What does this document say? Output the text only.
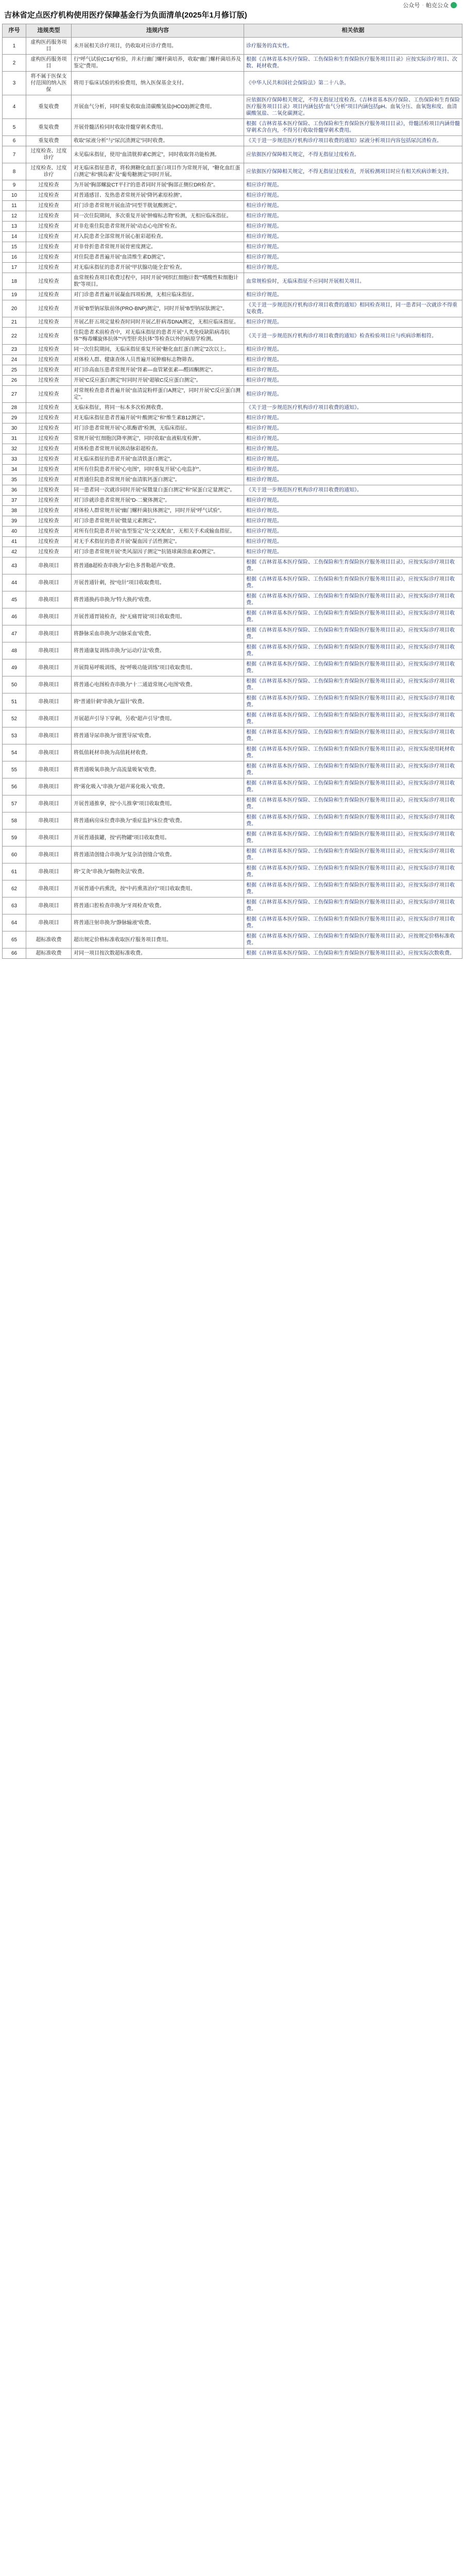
公众号 · 帕克公众
吉林省定点医疗机构使用医疗保障基金行为负面清单(2025年1月修订版)
序号	违规类型	违规内容	相关依据
1	虚构医药服务项目	未开展相关诊疗项目，仍收取对应诊疗费用。	诊疗服务的真实性。
2	虚构医药服务项目	行“呼气试验(C14)”检验，并未行幽门螺杆菌培养，收取“幽门螺杆菌培养及鉴定”费用。	根据《吉林省基本医疗保险、工伤保险和生育保险医疗服务项目目录》应按实际诊疗项目、次数、耗材收费。
3	将不属于医保支付范围的纳入医保	将用于临床试验的检验费用，纳入医保基金支付。	《中华人民共和国社会保险法》第二十八条。
4	重复收费	开展血气分析，同时重复收取血清碳酸氢盐(HCO3)测定费用。	应依据医疗保障相关规定，不得无指征过度检查。《吉林省基本医疗保险、工伤保险和生育保险医疗服务项目目录》项目内涵包括“血气分析”项目内涵包括pH、血氧分压、血氧饱和度、血清碳酸氢盐、二氧化碳测定。
5	重复收费	开展骨髓活检同时收取骨髓穿刺术费用。	根据《吉林省基本医疗保险、工伤保险和生育保险医疗服务项目目录》，骨髓活检项目内涵骨髓穿刺术含在内，不得另行收取骨髓穿刺术费用。
6	重复收费	收取“尿液分析”与“尿沉渣测定”同时收费。	《关于进一步规范医疗机构诊疗项目收费的通知》尿液分析项目内容包括尿沉渣检查。
7	过度检查、过度诊疗	未见临床指征，使用“血清胱抑素C测定”，同时收取肾功能检测。	应依据医疗保障相关规定，不得无指征过度检查。
8	过度检查、过度诊疗	对无临床指征患者，将检测糖化血红蛋白项目作为常规开展，“糖化血红蛋白测定”和“胰岛素”及“葡萄糖测定”同时开展。	应依据医疗保障相关规定，不得无指征过度检查，开展检测项目时应有相关疾病诊断支持。
9	过度检查	为开展“胸部螺旋CT平扫”的患者同时开展“胸部正侧位DR检查”。	相应诊疗规范。
10	过度检查	对普通感冒、发热患者常规开展“降钙素原检测”。	相应诊疗规范。
11	过度检查	对门诊患者常规开展血清“同型半胱氨酸测定”。	相应诊疗规范。
12	过度检查	同一次住院期间，多次重复开展“肿瘤标志物”检测，无相应临床指征。	相应诊疗规范。
13	过度检查	对非危重住院患者常规开展“动态心电图”检查。	相应诊疗规范。
14	过度检查	对入院患者全部常规开展心脏彩超检查。	相应诊疗规范。
15	过度检查	对非骨折患者常规开展骨密度测定。	相应诊疗规范。
16	过度检查	对住院患者普遍开展“血清维生素D测定”。	相应诊疗规范。
17	过度检查	对无临床指征的患者开展“甲状腺功能全套”检查。	相应诊疗规范。
18	过度检查	血常规检查项目收费过程中，同时开展“网织红细胞计数”“嗜酸性粒细胞计数”等项目。	血常规检验时，无临床指征不应同时开展相关项目。
19	过度检查	对门诊患者普遍开展凝血四项检测，无相应临床指征。	相应诊疗规范。
20	过度检查	开展“B型钠尿肽前体(PRO-BNP)测定”，同时开展“B型钠尿肽测定”。	《关于进一步规范医疗机构诊疗项目收费的通知》相同检查项目，同一患者同一次就诊不得重复收费。
21	过度检查	开展乙肝五项定量检查时同时开展乙肝病毒DNA测定，无相应临床指征。	相应诊疗规范。
22	过度检查	住院患者术前检查中，对无临床指征的患者开展“人类免疫缺陷病毒抗体”“梅毒螺旋体抗体”“丙型肝炎抗体”等检查以外的病原学检测。	《关于进一步规范医疗机构诊疗项目收费的通知》检查检验项目应与疾病诊断相符。
23	过度检查	同一次住院期间，无临床指征重复开展“糖化血红蛋白测定”2次以上。	相应诊疗规范。
24	过度检查	对体检人群、健康查体人员普遍开展肿瘤标志物筛查。	相应诊疗规范。
25	过度检查	对门诊高血压患者常规开展“肾素—血管紧张素—醛固酮测定”。	相应诊疗规范。
26	过度检查	开展“C反应蛋白测定”时同时开展“超敏C反应蛋白测定”。	相应诊疗规范。
27	过度检查	对常规检查患者普遍开展“血清淀粉样蛋白A测定”，同时开展“C反应蛋白测定”。	相应诊疗规范。
28	过度检查	无临床指征，将同一标本多次检测收费。	《关于进一步规范医疗机构诊疗项目收费的通知》。
29	过度检查	对无临床指征患者普遍开展“叶酸测定”和“维生素B12测定”。	相应诊疗规范。
30	过度检查	对门诊患者常规开展“心肌酶谱”检测，无临床指征。	相应诊疗规范。
31	过度检查	常规开展“红细胞沉降率测定”，同时收取“血液粘度检测”。	相应诊疗规范。
32	过度检查	对体检患者常规开展颈动脉彩超检查。	相应诊疗规范。
33	过度检查	对无临床指征的患者开展“血清铁蛋白测定”。	相应诊疗规范。
34	过度检查	对所有住院患者开展“心电图”，同时重复开展“心电监护”。	相应诊疗规范。
35	过度检查	对普通住院患者常规开展“血清肌钙蛋白测定”。	相应诊疗规范。
36	过度检查	同一患者同一次就诊同时开展“尿微量白蛋白测定”和“尿蛋白定量测定”。	《关于进一步规范医疗机构诊疗项目收费的通知》。
37	过度检查	对门诊就诊患者常规开展“D-二聚体测定”。	相应诊疗规范。
38	过度检查	对体检人群常规开展“幽门螺杆菌抗体测定”，同时开展“呼气试验”。	相应诊疗规范。
39	过度检查	对门诊患者常规开展“微量元素测定”。	相应诊疗规范。
40	过度检查	对所有住院患者开展“血型鉴定”及“交叉配血”，无相关手术或输血指征。	相应诊疗规范。
41	过度检查	对无手术指征的患者开展“凝血因子活性测定”。	相应诊疗规范。
42	过度检查	对门诊患者常规开展“类风湿因子测定”“抗链球菌溶血素O测定”。	相应诊疗规范。
43	串换项目	将普通B超检查串换为“彩色多普勒超声”收费。	根据《吉林省基本医疗保险、工伤保险和生育保险医疗服务项目目录》，应按实际诊疗项目收费。
44	串换项目	开展普通针刺，按“电针”项目收取费用。	根据《吉林省基本医疗保险、工伤保险和生育保险医疗服务项目目录》，应按实际诊疗项目收费。
45	串换项目	将普通换药串换为“特大换药”收费。	根据《吉林省基本医疗保险、工伤保险和生育保险医疗服务项目目录》，应按实际诊疗项目收费。
46	串换项目	开展普通胃镜检查，按“无痛胃镜”项目收取费用。	根据《吉林省基本医疗保险、工伤保险和生育保险医疗服务项目目录》，应按实际诊疗项目收费。
47	串换项目	将静脉采血串换为“动脉采血”收费。	根据《吉林省基本医疗保险、工伤保险和生育保险医疗服务项目目录》，应按实际诊疗项目收费。
48	串换项目	将普通康复训练串换为“运动疗法”收费。	根据《吉林省基本医疗保险、工伤保险和生育保险医疗服务项目目录》，应按实际诊疗项目收费。
49	串换项目	开展简易呼吸训练，按“呼吸功能训练”项目收取费用。	根据《吉林省基本医疗保险、工伤保险和生育保险医疗服务项目目录》，应按实际诊疗项目收费。
50	串换项目	将普通心电图检查串换为“十二通道常规心电图”收费。	根据《吉林省基本医疗保险、工伤保险和生育保险医疗服务项目目录》，应按实际诊疗项目收费。
51	串换项目	将“普通针刺”串换为“温针”收费。	根据《吉林省基本医疗保险、工伤保险和生育保险医疗服务项目目录》，应按实际诊疗项目收费。
52	串换项目	开展超声引导下穿刺，另收“超声引导”费用。	根据《吉林省基本医疗保险、工伤保险和生育保险医疗服务项目目录》，应按实际诊疗项目收费。
53	串换项目	将普通导尿串换为“留置导尿”收费。	根据《吉林省基本医疗保险、工伤保险和生育保险医疗服务项目目录》，应按实际诊疗项目收费。
54	串换项目	将低值耗材串换为高值耗材收费。	根据《吉林省基本医疗保险、工伤保险和生育保险医疗服务项目目录》，应按实际使用耗材收费。
55	串换项目	将普通吸氧串换为“高流量吸氧”收费。	根据《吉林省基本医疗保险、工伤保险和生育保险医疗服务项目目录》，应按实际诊疗项目收费。
56	串换项目	将“雾化吸入”串换为“超声雾化吸入”收费。	根据《吉林省基本医疗保险、工伤保险和生育保险医疗服务项目目录》，应按实际诊疗项目收费。
57	串换项目	开展普通推拿，按“小儿推拿”项目收取费用。	根据《吉林省基本医疗保险、工伤保险和生育保险医疗服务项目目录》，应按实际诊疗项目收费。
58	串换项目	将普通病房床位费串换为“重症监护床位费”收费。	根据《吉林省基本医疗保险、工伤保险和生育保险医疗服务项目目录》，应按实际诊疗项目收费。
59	串换项目	开展普通拔罐，按“药物罐”项目收取费用。	根据《吉林省基本医疗保险、工伤保险和生育保险医疗服务项目目录》，应按实际诊疗项目收费。
60	串换项目	将普通清创缝合串换为“复杂清创缝合”收费。	根据《吉林省基本医疗保险、工伤保险和生育保险医疗服务项目目录》，应按实际诊疗项目收费。
61	串换项目	将“艾灸”串换为“隔物灸法”收费。	根据《吉林省基本医疗保险、工伤保险和生育保险医疗服务项目目录》，应按实际诊疗项目收费。
62	串换项目	开展普通中药熏洗，按“中药熏蒸治疗”项目收取费用。	根据《吉林省基本医疗保险、工伤保险和生育保险医疗服务项目目录》，应按实际诊疗项目收费。
63	串换项目	将普通口腔检查串换为“牙周检查”收费。	根据《吉林省基本医疗保险、工伤保险和生育保险医疗服务项目目录》，应按实际诊疗项目收费。
64	串换项目	将普通注射串换为“静脉输液”收费。	根据《吉林省基本医疗保险、工伤保险和生育保险医疗服务项目目录》，应按实际诊疗项目收费。
65	超标准收费	超出规定价格标准收取医疗服务项目费用。	根据《吉林省基本医疗保险、工伤保险和生育保险医疗服务项目目录》，应按规定价格标准收费。
66	超标准收费	对同一项目按次数超标准收费。	根据《吉林省基本医疗保险、工伤保险和生育保险医疗服务项目目录》，应按实际次数收费。
